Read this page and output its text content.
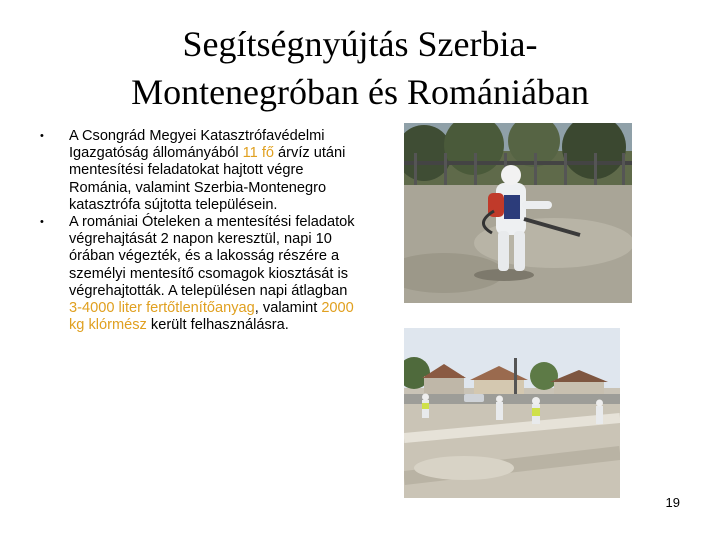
Segítségnyújtás Szerbia-
Montenegróban és Romániában
• A Csongrád Megyei Katasztrófavédelmi Igazgatóság állományából 11 fő árvíz utáni mentesítési feladatokat hajtott végre Románia, valamint Szerbia-Montenegro katasztrófa sújtotta településein.
• A romániai Óteleken a mentesítési feladatok végrehajtását 2 napon keresztül, napi 10 órában végezték, és a lakosság részére a személyi mentesítő csomagok kiosztását is végrehajtották. A településen napi átlagban 3-4000 liter fertőtlenítőanyag, valamint 2000 kg klórmész került felhasználásra.
19
